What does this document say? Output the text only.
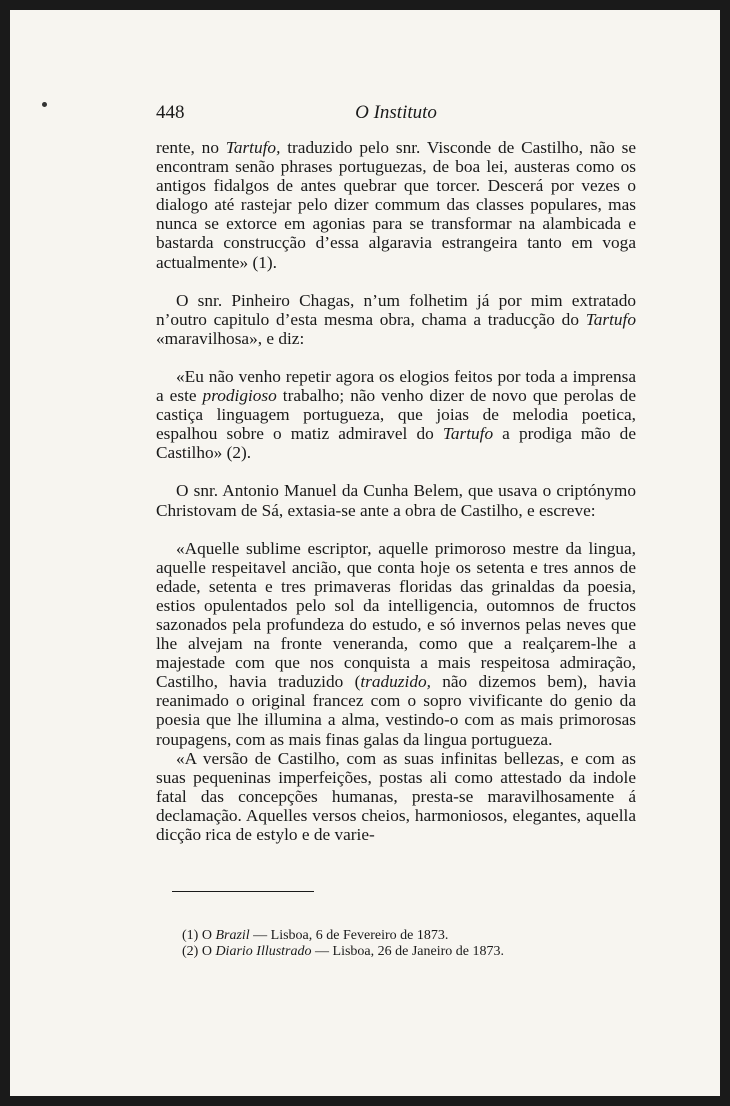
448	O Instituto

rente, no Tartufo, traduzido pelo snr. Visconde de Castilho, não se encontram senão phrases portuguezas, de boa lei, austeras como os antigos fidalgos de antes quebrar que torcer. Descerá por vezes o dialogo até rastejar pelo dizer commum das classes populares, mas nunca se extorce em agonias para se transformar na alambicada e bastarda construcção d’essa algaravia estrangeira tanto em voga actualmente» (1).

O snr. Pinheiro Chagas, n’um folhetim já por mim extratado n’outro capitulo d’esta mesma obra, chama a traducção do Tartufo «maravilhosa», e diz:

«Eu não venho repetir agora os elogios feitos por toda a imprensa a este prodigioso trabalho; não venho dizer de novo que perolas de castiça linguagem portugueza, que joias de melodia poetica, espalhou sobre o matiz admiravel do Tartufo a prodiga mão de Castilho» (2).

O snr. Antonio Manuel da Cunha Belem, que usava o criptónymo Christovam de Sá, extasia-se ante a obra de Castilho, e escreve:

«Aquelle sublime escriptor, aquelle primoroso mestre da lingua, aquelle respeitavel ancião, que conta hoje os setenta e tres annos de edade, setenta e tres primaveras floridas das grinaldas da poesia, estios opulentados pelo sol da intelligencia, outomnos de fructos sazonados pela profundeza do estudo, e só invernos pelas neves que lhe alvejam na fronte veneranda, como que a realçarem-lhe a majestade com que nos conquista a mais respeitosa admiração, Castilho, havia traduzido (traduzido, não dizemos bem), havia reanimado o original francez com o sopro vivificante do genio da poesia que lhe illumina a alma, vestindo-o com as mais primorosas roupagens, com as mais finas galas da lingua portugueza.

«A versão de Castilho, com as suas infinitas bellezas, e com as suas pequeninas imperfeições, postas ali como attestado da indole fatal das concepções humanas, presta-se maravilhosamente á declamação. Aquelles versos cheios, harmoniosos, elegantes, aquella dicção rica de estylo e de varie-

(1) O Brazil — Lisboa, 6 de Fevereiro de 1873.

(2) O Diario Illustrado — Lisboa, 26 de Janeiro de 1873.
